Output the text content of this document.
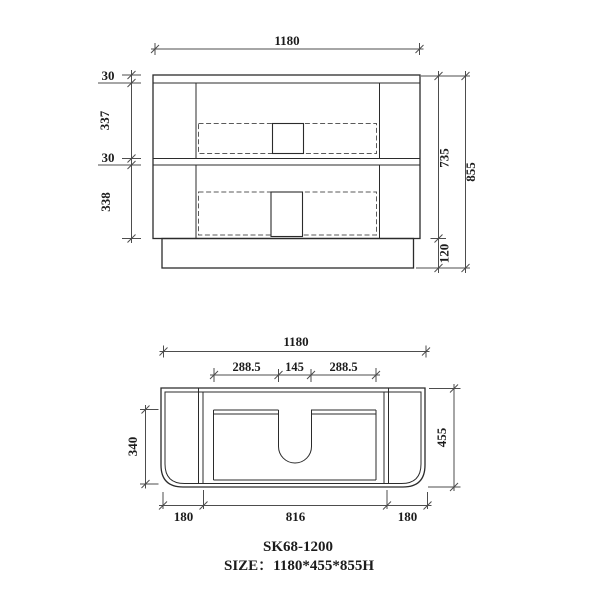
1180
30
337
30
338
735
120
855
1180
288.5 145 288.5
340	455
180	816	180
SK68-1200
SIZE：1180*455*855H
